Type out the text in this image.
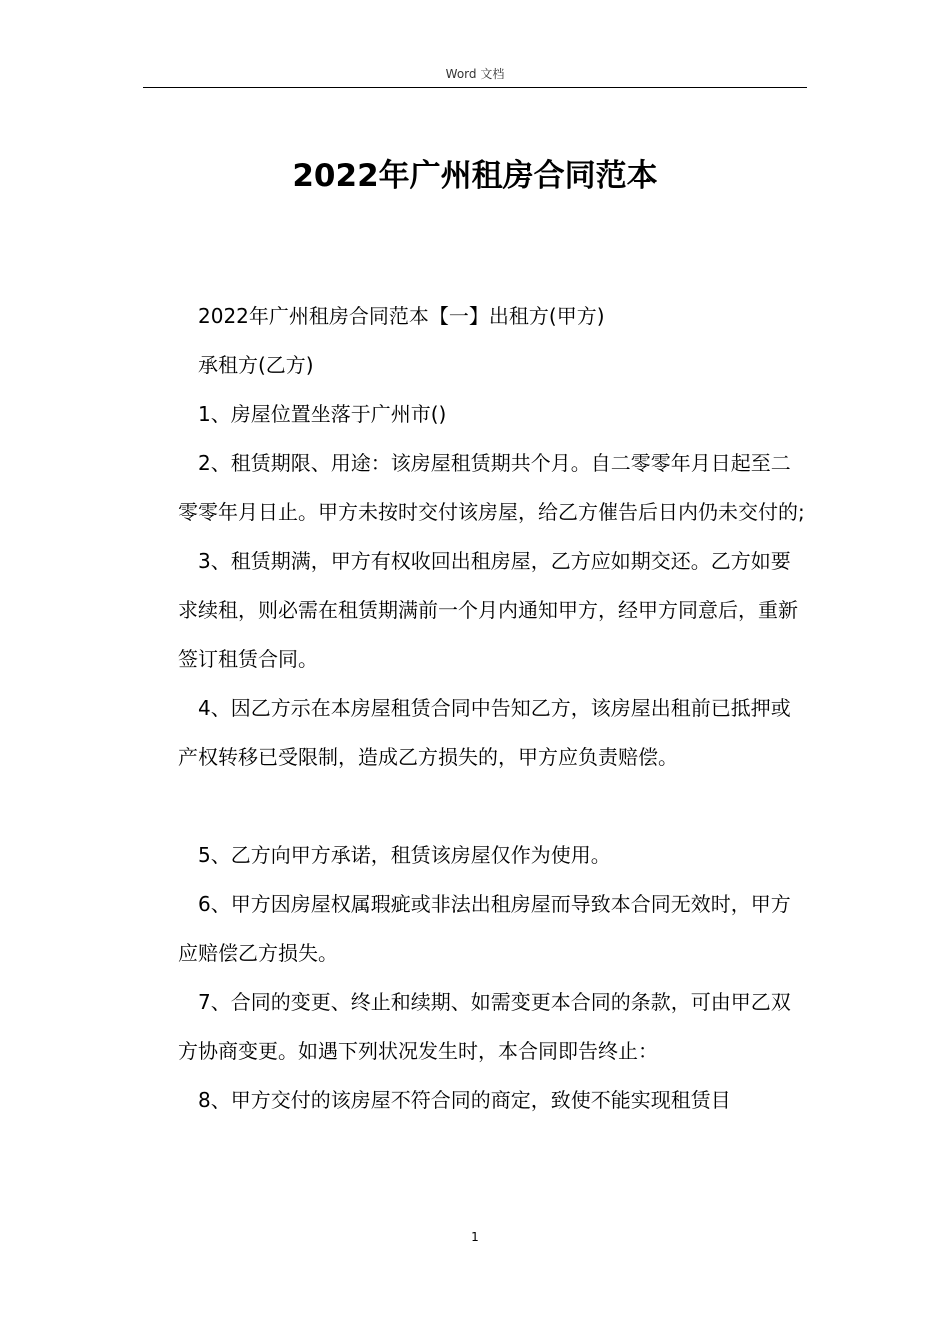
Word 文档
2022年广州租房合同范本

2022年广州租房合同范本【一】出租方(甲方)

承租方(乙方)

1、房屋位置坐落于广州市()

2、租赁期限、用途：该房屋租赁期共个月。自二零零年月日起至二零零年月日止。甲方未按时交付该房屋，给乙方催告后日内仍未交付的;

3、租赁期满，甲方有权收回出租房屋，乙方应如期交还。乙方如要求续租，则必需在租赁期满前一个月内通知甲方，经甲方同意后，重新签订租赁合同。

4、因乙方示在本房屋租赁合同中告知乙方，该房屋出租前已抵押或产权转移已受限制，造成乙方损失的，甲方应负责赔偿。

5、乙方向甲方承诺，租赁该房屋仅作为使用。

6、甲方因房屋权属瑕疵或非法出租房屋而导致本合同无效时，甲方应赔偿乙方损失。

7、合同的变更、终止和续期、如需变更本合同的条款，可由甲乙双方协商变更。如遇下列状况发生时，本合同即告终止：

8、甲方交付的该房屋不符合同的商定，致使不能实现租赁目

1
